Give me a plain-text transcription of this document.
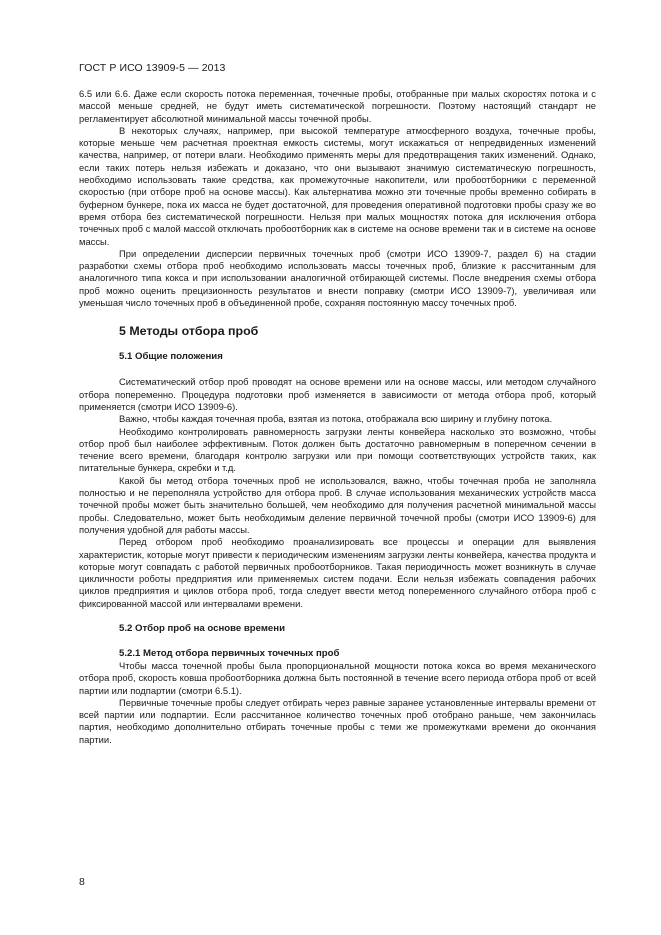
ГОСТ Р ИСО 13909-5 — 2013

6.5 или 6.6. Даже если скорость потока переменная, точечные пробы, отобранные при малых скоростях потока и с массой меньше средней, не будут иметь систематической погрешности. Поэтому настоящий стандарт не регламентирует абсолютной минимальной массы точечной пробы.

В некоторых случаях, например, при высокой температуре атмосферного воздуха, точечные пробы, которые меньше чем расчетная проектная емкость системы, могут искажаться от непредвиденных изменений качества, например, от потери влаги. Необходимо применять меры для предотвращения таких изменений. Однако, если таких потерь нельзя избежать и доказано, что они вызывают значимую систематическую погрешность, необходимо использовать такие средства, как промежуточные накопители, или пробоотборники с переменной скоростью (при отборе проб на основе массы). Как альтернатива можно эти точечные пробы временно собирать в буферном бункере, пока их масса не будет достаточной, для проведения оперативной подготовки пробы сразу же во время отбора без систематической погрешности. Нельзя при малых мощностях потока для исключения отбора точечных проб с малой массой отключать пробоотборник как в системе на основе времени так и в системе на основе массы.

При определении дисперсии первичных точечных проб (смотри ИСО 13909-7, раздел 6) на стадии разработки схемы отбора проб необходимо использовать массы точечных проб, близкие к рассчитанным для аналогичного типа кокса и при использовании аналогичной отбирающей системы. После внедрения схемы отбора проб можно оценить прецизионность результатов и внести поправку (смотри ИСО 13909-7), увеличивая или уменьшая число точечных проб в объединенной пробе, сохраняя постоянную массу точечных проб.

5 Методы отбора проб
5.1 Общие положения

Систематический отбор проб проводят на основе времени или на основе массы, или методом случайного отбора попеременно. Процедура подготовки проб изменяется в зависимости от метода отбора проб, который применяется (смотри ИСО 13909-6).

Важно, чтобы каждая точечная проба, взятая из потока, отображала всю ширину и глубину потока.

Необходимо контролировать равномерность загрузки ленты конвейера насколько это возможно, чтобы отбор проб был наиболее эффективным. Поток должен быть достаточно равномерным в поперечном сечении в течение всего времени, благодаря контролю загрузки или при помощи соответствующих устройств таких, как питательные бункера, скребки и т.д.

Какой бы метод отбора точечных проб не использовался, важно, чтобы точечная проба не заполняла полностью и не переполняла устройство для отбора проб. В случае использования механических устройств масса точечной пробы может быть значительно большей, чем необходимо для получения расчетной минимальной массы пробы. Следовательно, может быть необходимым деление первичной точечной пробы (смотри ИСО 13909-6) для получения удобной для работы массы.

Перед отбором проб необходимо проанализировать все процессы и операции для выявления характеристик, которые могут привести к периодическим изменениям загрузки ленты конвейера, качества продукта и которые могут совпадать с работой первичных пробоотборников. Такая периодичность может возникнуть в случае цикличности роботы предприятия или применяемых систем подачи. Если нельзя избежать совпадения рабочих циклов предприятия и циклов отбора проб, тогда следует ввести метод попеременного случайного отбора проб с фиксированной массой или интервалами времени.

5.2 Отбор проб на основе времени
5.2.1 Метод отбора первичных точечных проб

Чтобы масса точечной пробы была пропорциональной мощности потока кокса во время механического отбора проб, скорость ковша пробоотборника должна быть постоянной в течение всего периода отбора проб от всей партии или подпартии (смотри 6.5.1).

Первичные точечные пробы следует отбирать через равные заранее установленные интервалы времени от всей партии или подпартии. Если рассчитанное количество точечных проб отобрано раньше, чем закончилась партия, необходимо дополнительно отбирать точечные пробы с теми же промежутками времени до окончания партии.

8
